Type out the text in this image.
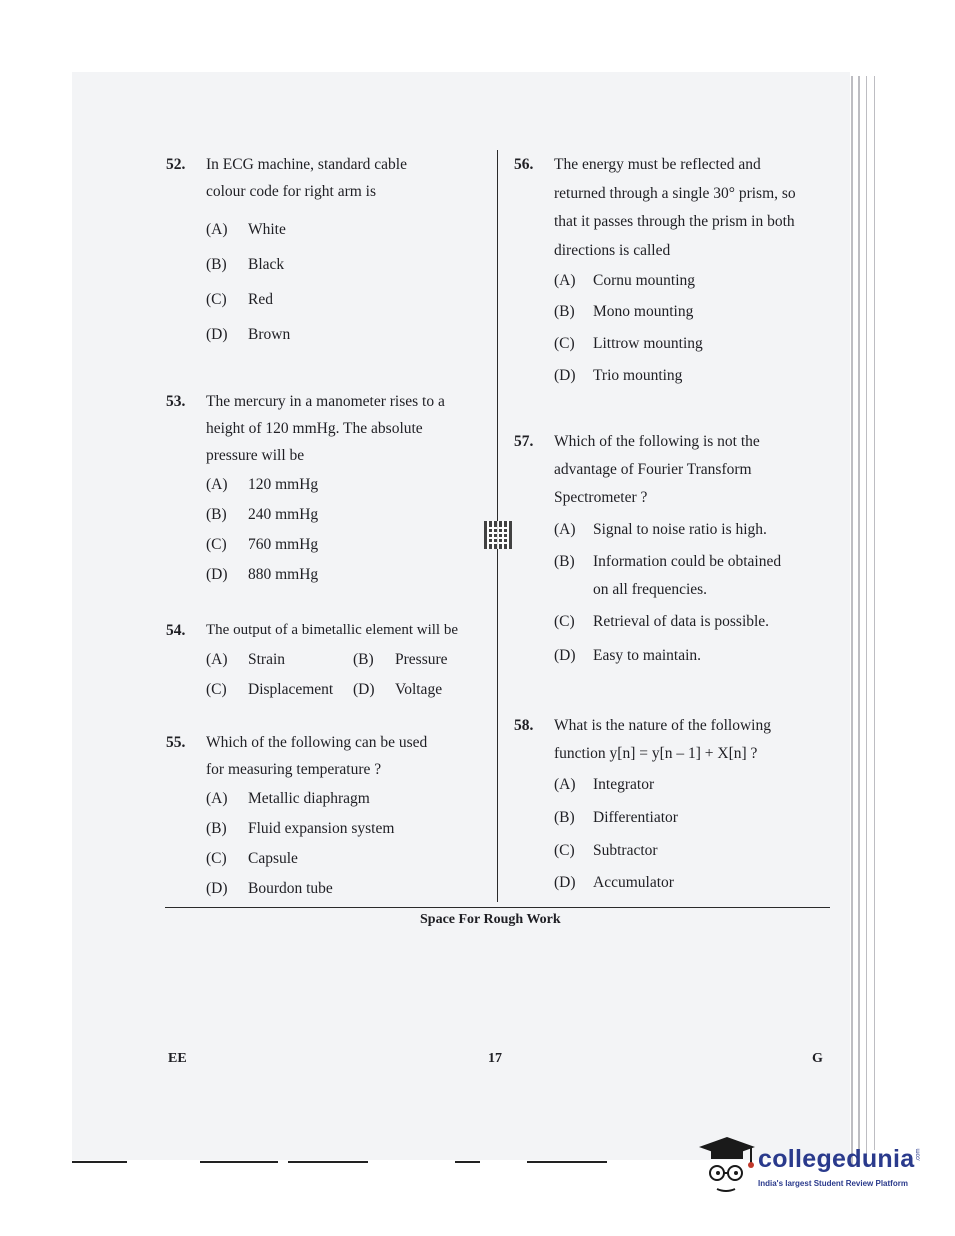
52. In ECG machine, standard cable
colour code for right arm is
(A) White
(B) Black
(C) Red
(D) Brown
53. The mercury in a manometer rises to a
height of 120 mmHg. The absolute
pressure will be
(A) 120 mmHg
(B) 240 mmHg
(C) 760 mmHg
(D) 880 mmHg
54. The output of a bimetallic element will be
(A) Strain	(B) Pressure
(C) Displacement (D) Voltage
55. Which of the following can be used
for measuring temperature ?
(A) Metallic diaphragm
(B) Fluid expansion system
(C) Capsule
(D) Bourdon tube
56. The energy must be reflected and
returned through a single 30° prism, so
that it passes through the prism in both
directions is called
(A) Cornu mounting
(B) Mono mounting
(C) Littrow mounting
(D) Trio mounting
57. Which of the following is not the
advantage of Fourier Transform
Spectrometer ?
(A) Signal to noise ratio is high.
(B) Information could be obtained
on all frequencies.
(C) Retrieval of data is possible.
(D) Easy to maintain.
58. What is the nature of the following
function y[n] = y[n – 1] + X[n] ?
(A) Integrator
(B) Differentiator
(C) Subtractor
(D) Accumulator
Space For Rough Work
EE	17	G
collegedunia .com
India's largest Student Review Platform
